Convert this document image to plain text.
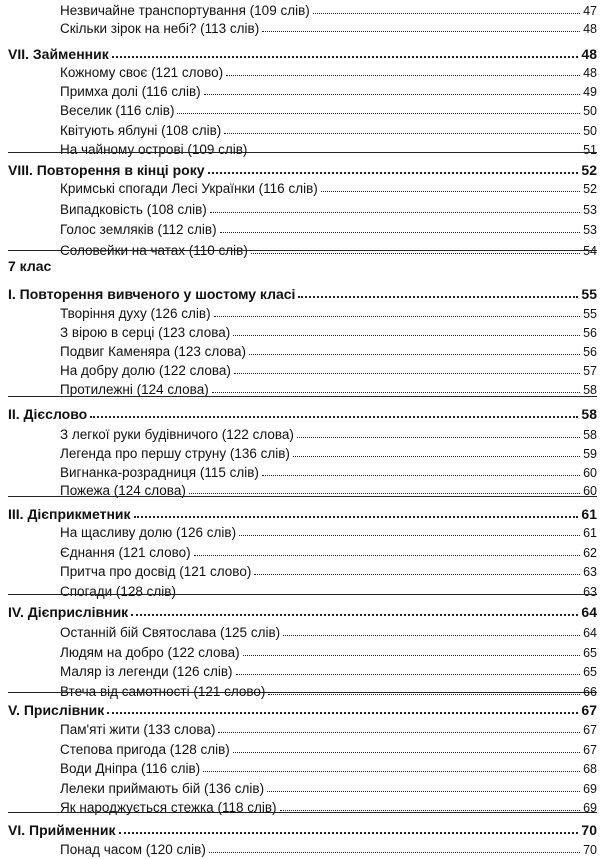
Незвичайне транспортування (109 слів)	47
Скільки зірок на небі? (113 слів)	48
VII. Займенник	48
Кожному своє (121 слово)	48
Примха долі (116 слів)	49
Веселик (116 слів)	50
Квітують яблуні (108 слів)	50
На чайному острові (109 слів)	51
VIII. Повторення в кінці року	52
Кримські спогади Лесі Українки (116 слів)	52
Випадковість (108 слів)	53
Голос земляків (112 слів)	53
Соловейки на чатах (110 слів)	54
7 клас
I. Повторення вивченого у шостому класі	55
Творіння духу (126 слів)	55
З вірою в серці (123 слова)	56
Подвиг Каменяра (123 слова)	56
На добру долю (122 слова)	57
Протилежні (124 слова)	58
II. Дієслово	58
З легкої руки будівничого (122 слова)	58
Легенда про першу струну (136 слів)	59
Вигнанка-розрадниця (115 слів)	60
Пожежа (124 слова)	60
III. Дієприкметник	61
На щасливу долю (126 слів)	61
Єднання (121 слово)	62
Притча про досвід (121 слово)	63
Спогади (128 слів)	63
IV. Дієприслівник	64
Останній бій Святослава (125 слів)	64
Людям на добро (122 слова)	65
Маляр із легенди (126 слів)	65
Втеча від самотності (121 слово)	66
V. Прислівник	67
Пам'яті жити (133 слова)	67
Степова пригода (128 слів)	67
Води Дніпра (116 слів)	68
Лелеки приймають бій (136 слів)	69
Як народжується стежка (118 слів)	69
VI. Прийменник	70
Понад часом (120 слів)	70
